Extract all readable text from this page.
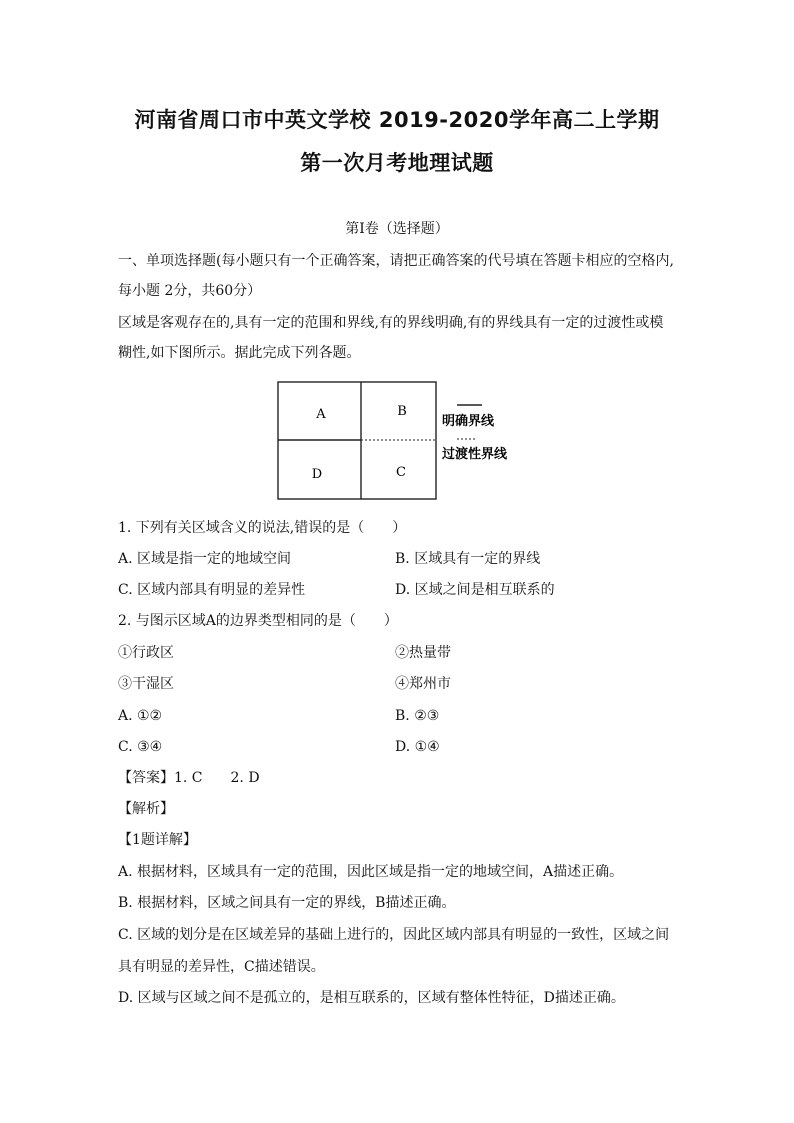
河南省周口市中英文学校 2019-2020学年高二上学期
第一次月考地理试题
第Ⅰ卷（选择题）
一、单项选择题(每小题只有一个正确答案，请把正确答案的代号填在答题卡相应的空格内,
每小题 2分，共60分）
区域是客观存在的,具有一定的范围和界线,有的界线明确,有的界线具有一定的过渡性或模
糊性,如下图所示。据此完成下列各题。
A	B
D	C
明确界线
过渡性界线
1. 下列有关区域含义的说法,错误的是（　　）
A. 区域是指一定的地域空间	B. 区域具有一定的界线
C. 区域内部具有明显的差异性	D. 区域之间是相互联系的
2. 与图示区域A的边界类型相同的是（　　）
①行政区	②热量带
③干湿区	④郑州市
A. ①②	B. ②③
C. ③④	D. ①④
【答案】1. C　　2. D
【解析】
【1题详解】
A. 根据材料，区域具有一定的范围，因此区域是指一定的地域空间，A描述正确。
B. 根据材料，区域之间具有一定的界线，B描述正确。
C. 区域的划分是在区域差异的基础上进行的，因此区域内部具有明显的一致性，区域之间
具有明显的差异性，C描述错误。
D. 区域与区域之间不是孤立的，是相互联系的，区域有整体性特征，D描述正确。
